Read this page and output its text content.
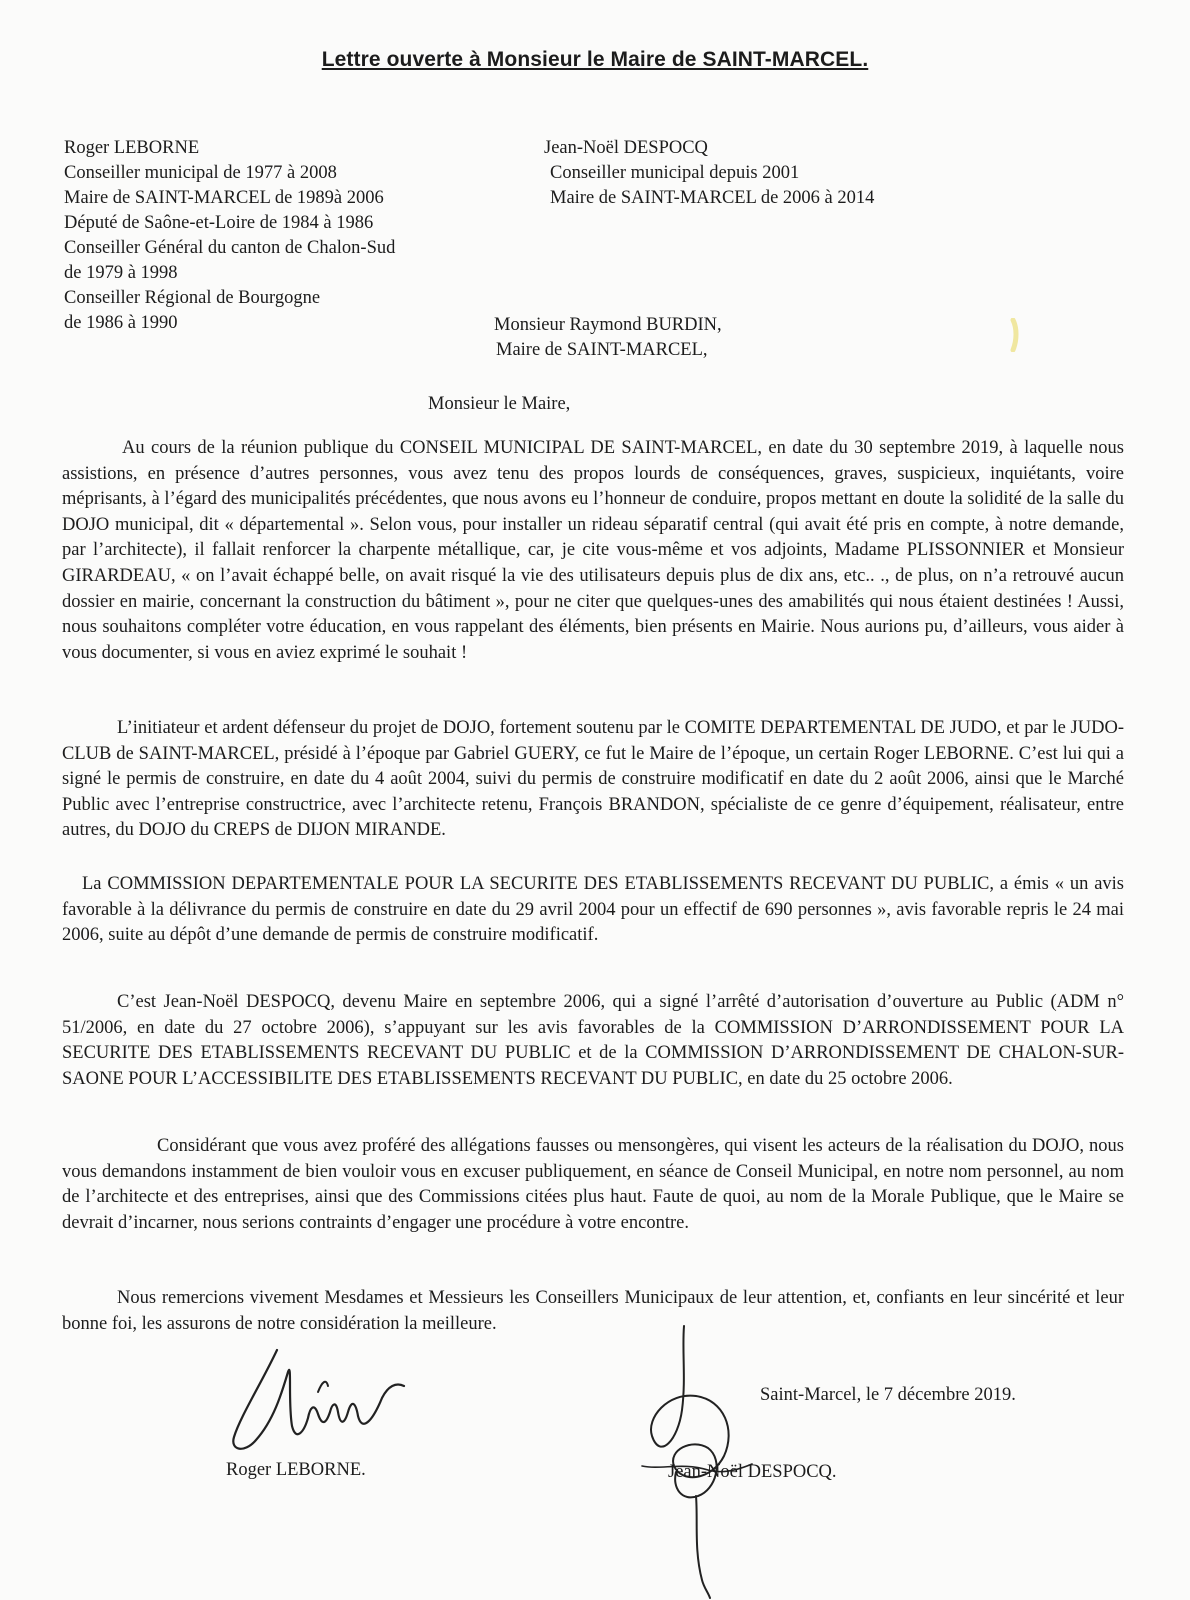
Lettre ouverte à Monsieur le Maire de SAINT-MARCEL.
Roger LEBORNE
Conseiller municipal de 1977 à 2008
Maire de SAINT-MARCEL de 1989à 2006
Député de Saône-et-Loire de 1984 à 1986
Conseiller Général du canton de Chalon-Sud
de 1979 à 1998
Conseiller Régional de Bourgogne
de 1986 à 1990
Jean-Noël DESPOCQ
Conseiller municipal depuis 2001
Maire de SAINT-MARCEL de 2006 à 2014
Monsieur Raymond BURDIN,
Maire de SAINT-MARCEL,
Monsieur le Maire,
Au cours de la réunion publique du CONSEIL MUNICIPAL DE SAINT-MARCEL, en date du 30 septembre 2019, à laquelle nous assistions, en présence d’autres personnes, vous avez tenu des propos lourds de conséquences, graves, suspicieux, inquiétants, voire méprisants, à l’égard des municipalités précédentes, que nous avons eu l’honneur de conduire, propos mettant en doute la solidité de la salle du DOJO municipal, dit « départemental ». Selon vous, pour installer un rideau séparatif central (qui avait été pris en compte, à notre demande, par l’architecte), il fallait renforcer la charpente métallique, car, je cite vous-même et vos adjoints, Madame PLISSONNIER et Monsieur GIRARDEAU, « on l’avait échappé belle, on avait risqué la vie des utilisateurs depuis plus de dix ans, etc.. ., de plus, on n’a retrouvé aucun dossier en mairie, concernant la construction du bâtiment », pour ne citer que quelques-unes des amabilités qui nous étaient destinées ! Aussi, nous souhaitons compléter votre éducation, en vous rappelant des éléments, bien présents en Mairie. Nous aurions pu, d’ailleurs, vous aider à vous documenter, si vous en aviez exprimé le souhait !
L’initiateur et ardent défenseur du projet de DOJO, fortement soutenu par le COMITE DEPARTEMENTAL DE JUDO, et par le JUDO-CLUB de SAINT-MARCEL, présidé à l’époque par Gabriel GUERY, ce fut le Maire de l’époque, un certain Roger LEBORNE. C’est lui qui a signé le permis de construire, en date du 4 août 2004, suivi du permis de construire modificatif en date du 2 août 2006, ainsi que le Marché Public avec l’entreprise constructrice, avec l’architecte retenu, François BRANDON, spécialiste de ce genre d’équipement, réalisateur, entre autres, du DOJO du CREPS de DIJON MIRANDE.
La COMMISSION DEPARTEMENTALE POUR LA SECURITE DES ETABLISSEMENTS RECEVANT DU PUBLIC, a émis « un avis favorable à la délivrance du permis de construire en date du 29 avril 2004 pour un effectif de 690 personnes », avis favorable repris le 24 mai 2006, suite au dépôt d’une demande de permis de construire modificatif.
C’est Jean-Noël DESPOCQ, devenu Maire en septembre 2006, qui a signé l’arrêté d’autorisation d’ouverture au Public (ADM n° 51/2006, en date du 27 octobre 2006), s’appuyant sur les avis favorables de la COMMISSION D’ARRONDISSEMENT POUR LA SECURITE DES ETABLISSEMENTS RECEVANT DU PUBLIC et de la COMMISSION D’ARRONDISSEMENT DE CHALON-SUR-SAONE POUR L’ACCESSIBILITE DES ETABLISSEMENTS RECEVANT DU PUBLIC, en date du 25 octobre 2006.
Considérant que vous avez proféré des allégations fausses ou mensongères, qui visent les acteurs de la réalisation du DOJO, nous vous demandons instamment de bien vouloir vous en excuser publiquement, en séance de Conseil Municipal, en notre nom personnel, au nom de l’architecte et des entreprises, ainsi que des Commissions citées plus haut. Faute de quoi, au nom de la Morale Publique, que le Maire se devrait d’incarner, nous serions contraints d’engager une procédure à votre encontre.
Nous remercions vivement Mesdames et Messieurs les Conseillers Municipaux de leur attention, et, confiants en leur sincérité et leur bonne foi, les assurons de notre considération la meilleure.
Saint-Marcel, le 7 décembre 2019.
Roger LEBORNE.	Jean-Noël DESPOCQ.
